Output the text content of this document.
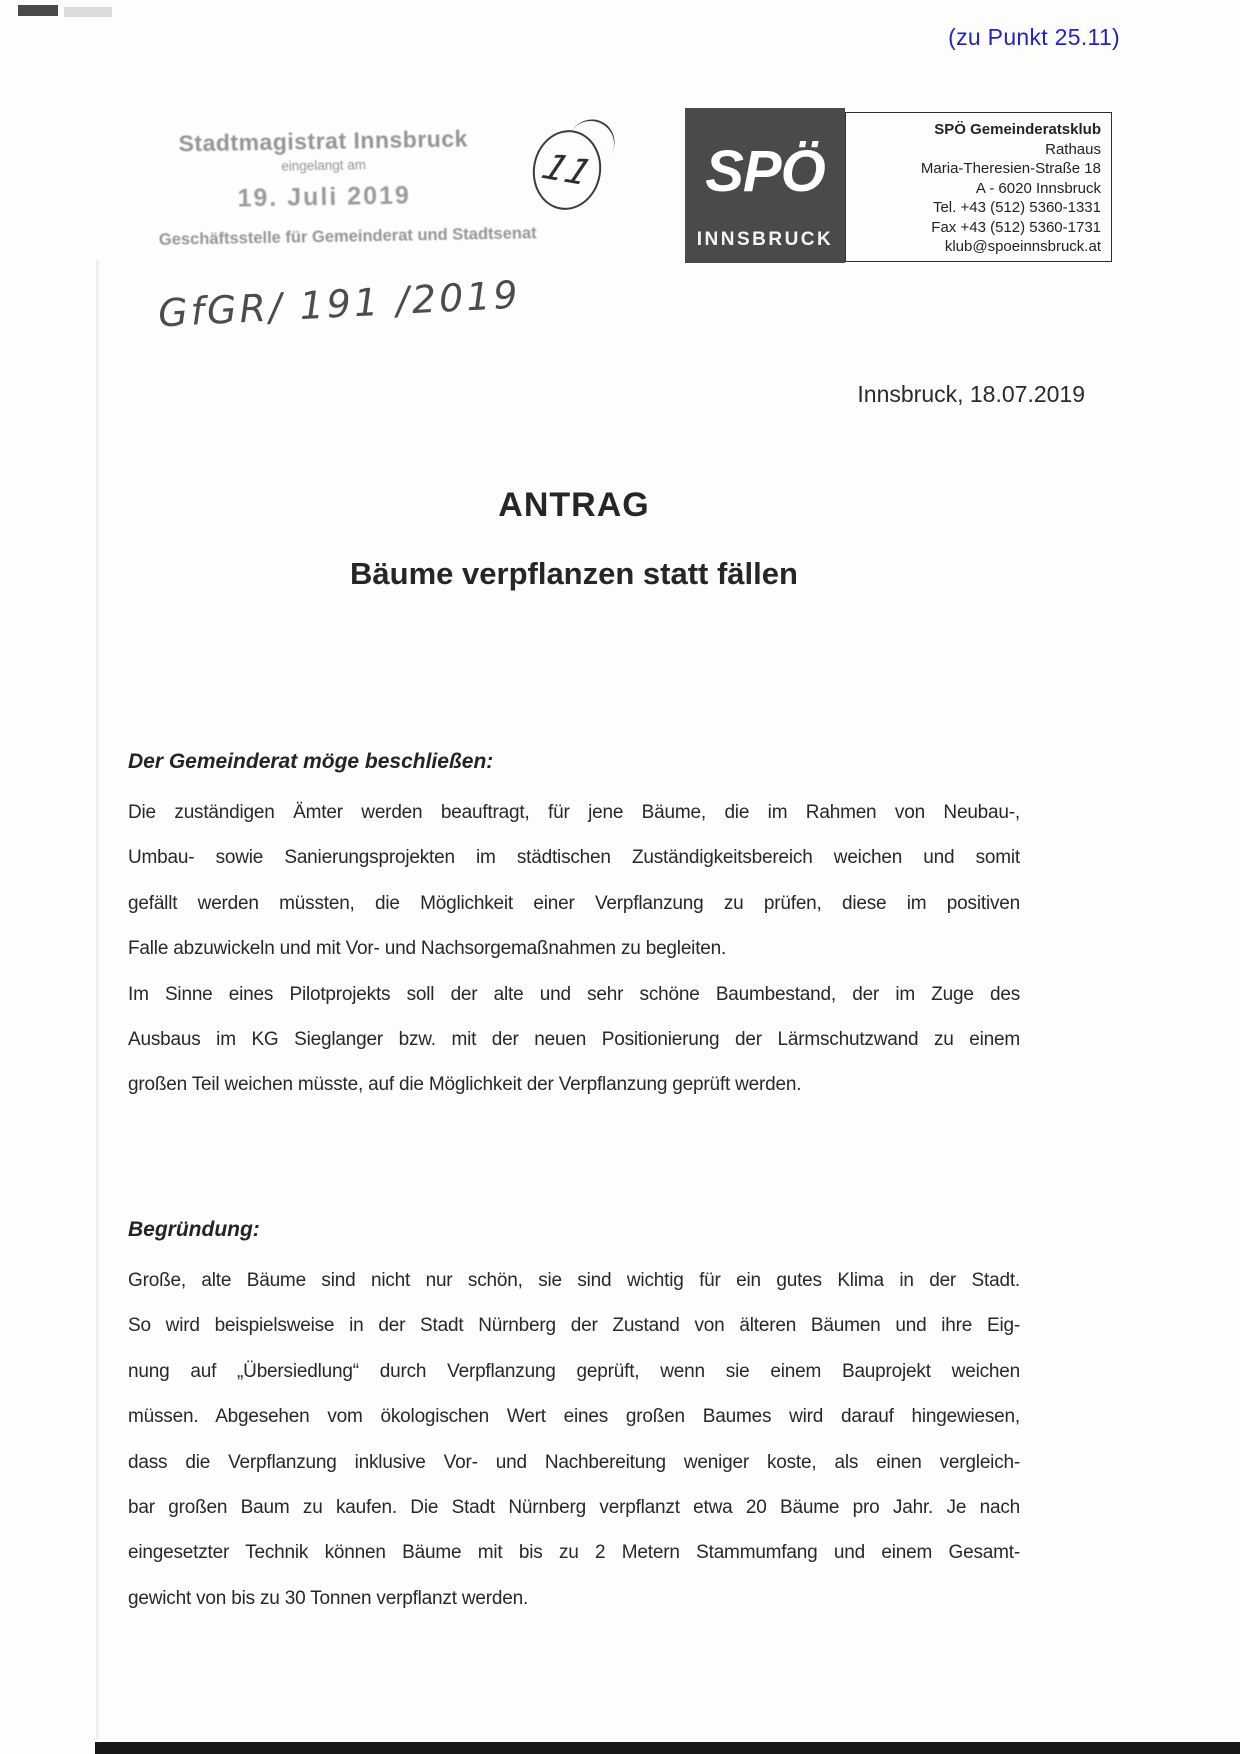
(zu Punkt 25.11)
Stadtmagistrat Innsbruck
eingelangt am
19. Juli 2019
Geschäftsstelle für Gemeinderat und Stadtsenat
GfGR/ 191 /2019
11 SPÖ
INNSBRUCK
SPÖ Gemeinderatsklub
Rathaus
Maria-Theresien-Straße 18
A - 6020 Innsbruck
Tel. +43 (512) 5360-1331
Fax +43 (512) 5360-1731
klub@spoeinnsbruck.at
Innsbruck, 18.07.2019
ANTRAG
Bäume verpflanzen statt fällen
Der Gemeinderat möge beschließen:
Die zuständigen Ämter werden beauftragt, für jene Bäume, die im Rahmen von Neubau-,
Umbau- sowie Sanierungsprojekten im städtischen Zuständigkeitsbereich weichen und somit
gefällt werden müssten, die Möglichkeit einer Verpflanzung zu prüfen, diese im positiven
Falle abzuwickeln und mit Vor- und Nachsorgemaßnahmen zu begleiten.
Im Sinne eines Pilotprojekts soll der alte und sehr schöne Baumbestand, der im Zuge des
Ausbaus im KG Sieglanger bzw. mit der neuen Positionierung der Lärmschutzwand zu einem
großen Teil weichen müsste, auf die Möglichkeit der Verpflanzung geprüft werden.
Begründung:
Große, alte Bäume sind nicht nur schön, sie sind wichtig für ein gutes Klima in der Stadt.
So wird beispielsweise in der Stadt Nürnberg der Zustand von älteren Bäumen und ihre Eig-
nung auf „Übersiedlung“ durch Verpflanzung geprüft, wenn sie einem Bauprojekt weichen
müssen. Abgesehen vom ökologischen Wert eines großen Baumes wird darauf hingewiesen,
dass die Verpflanzung inklusive Vor- und Nachbereitung weniger koste, als einen vergleich-
bar großen Baum zu kaufen. Die Stadt Nürnberg verpflanzt etwa 20 Bäume pro Jahr. Je nach
eingesetzter Technik können Bäume mit bis zu 2 Metern Stammumfang und einem Gesamt-
gewicht von bis zu 30 Tonnen verpflanzt werden.
